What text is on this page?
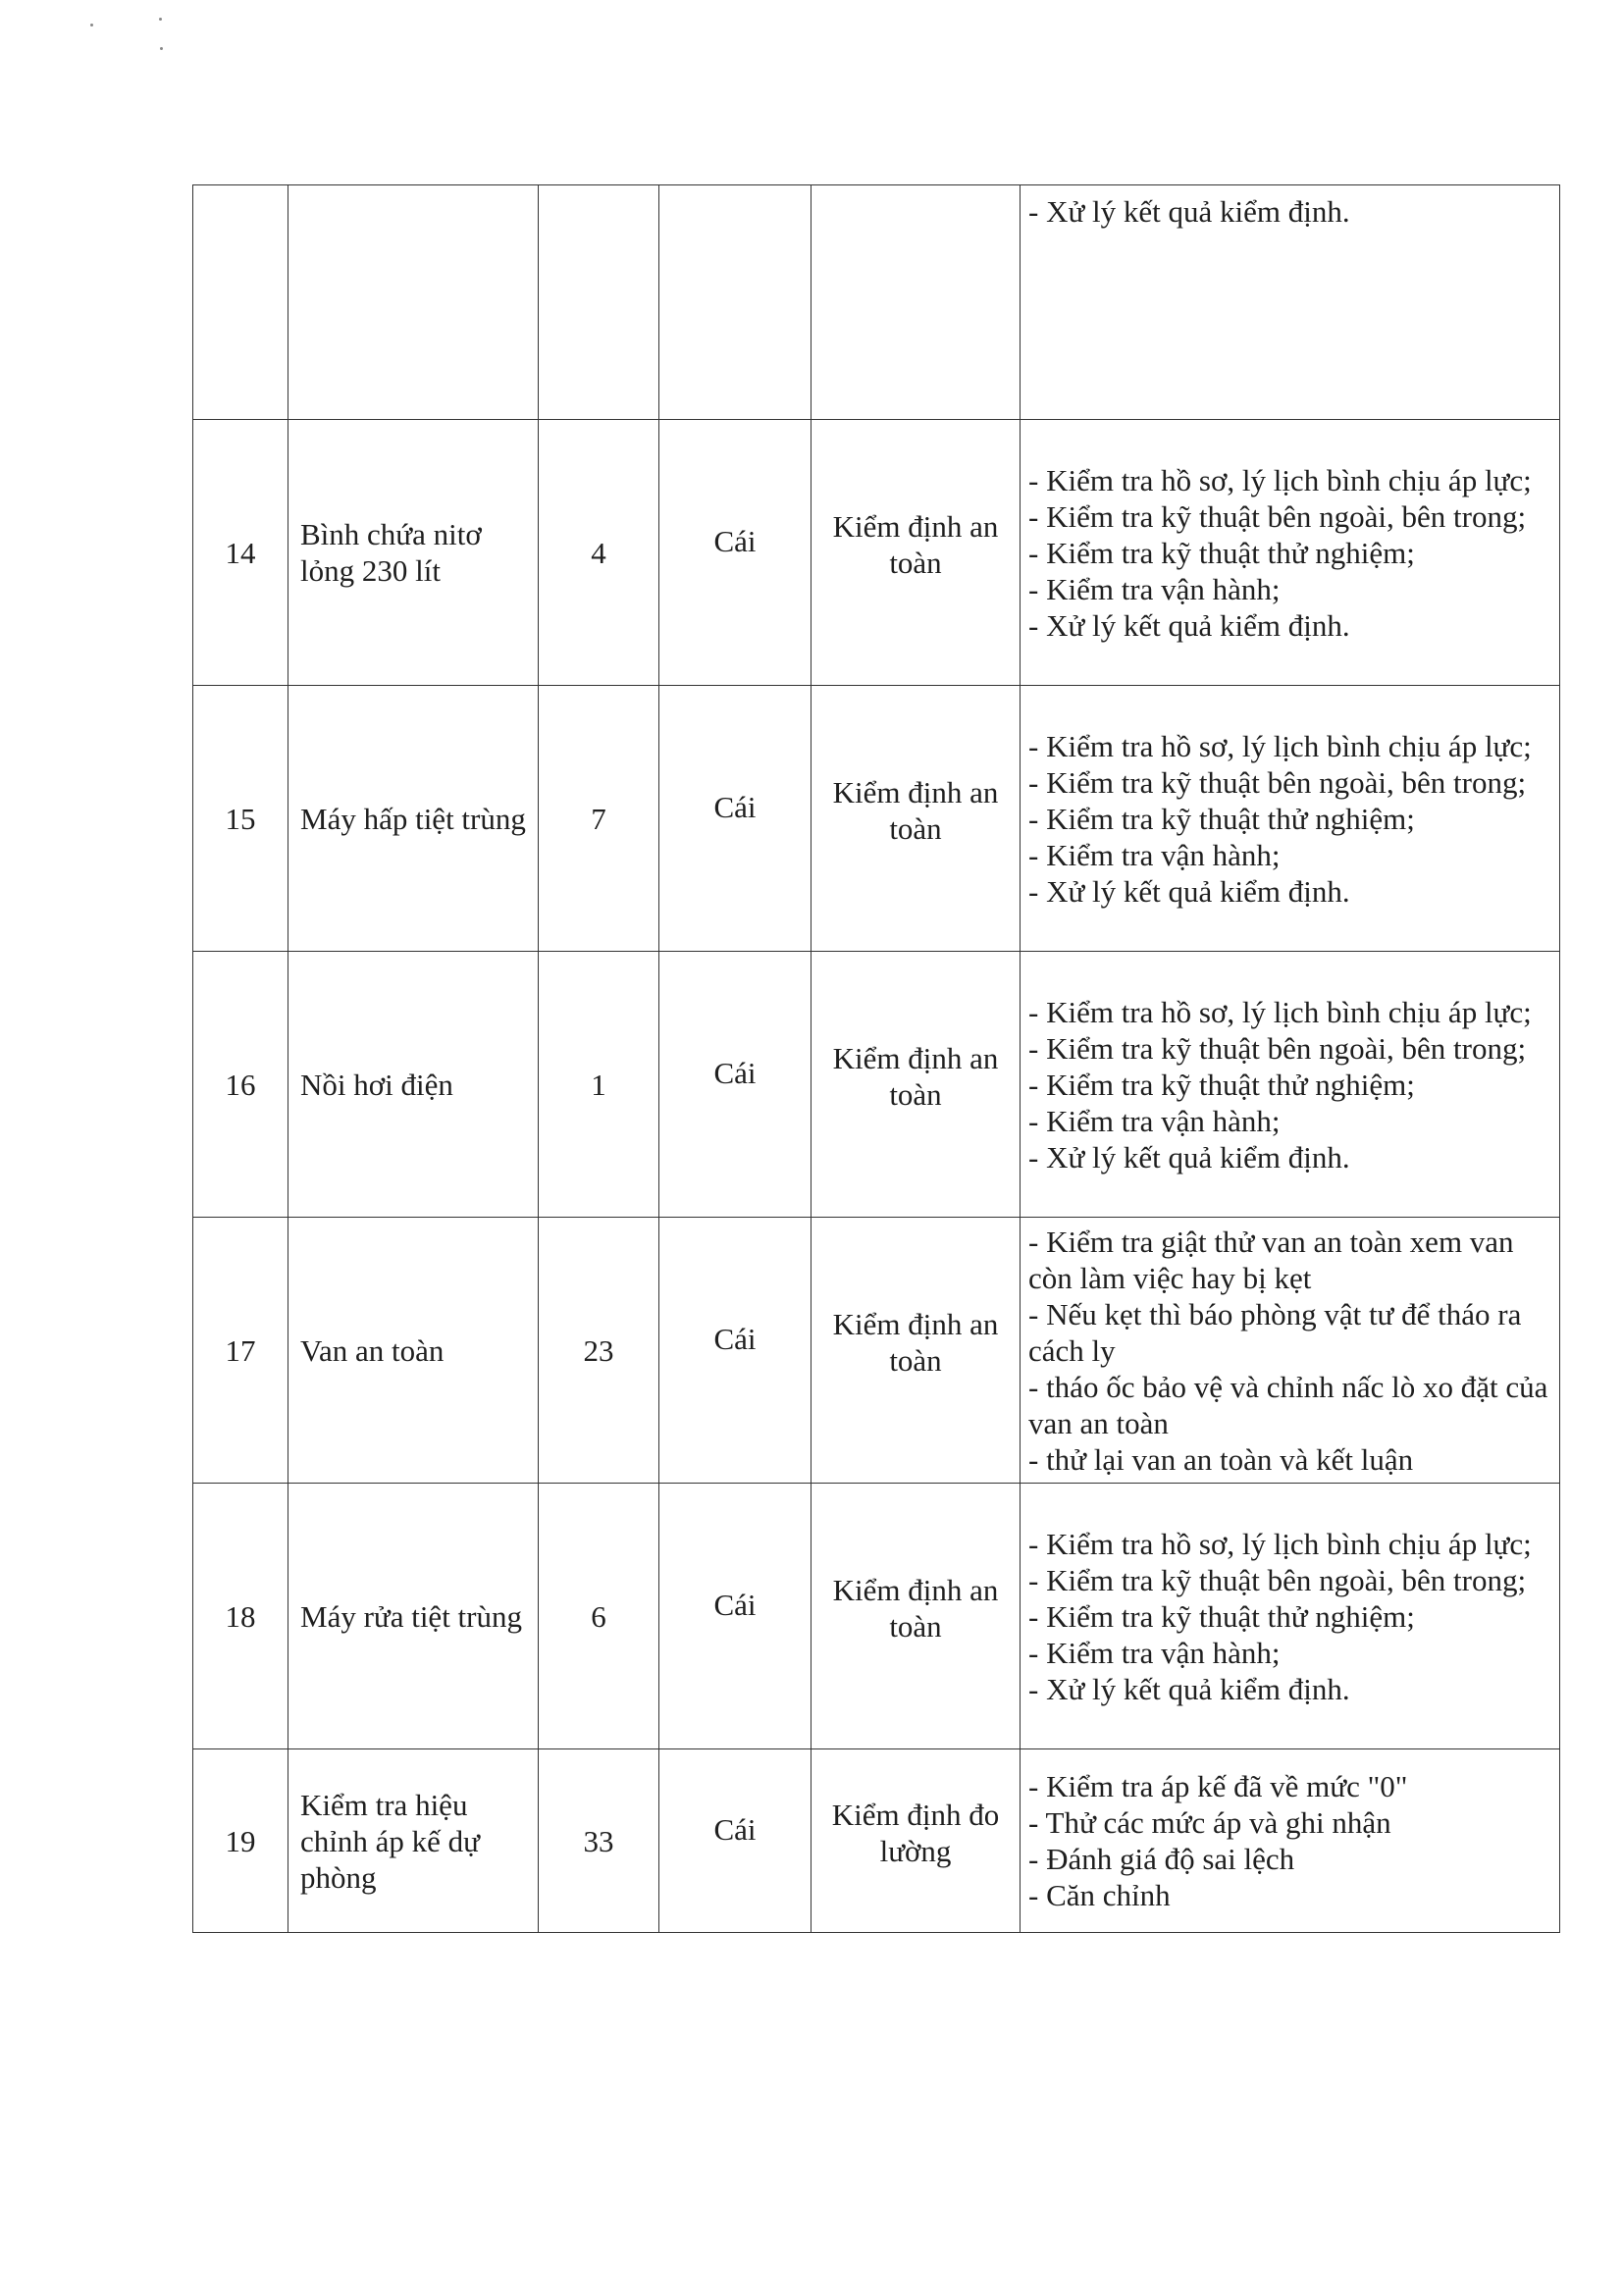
					- Xử lý kết quả kiểm định.

14	Bình chứa nitơ lỏng 230 lít	4	Cái	Kiểm định an toàn	- Kiểm tra hồ sơ, lý lịch bình chịu áp lực;
- Kiểm tra kỹ thuật bên ngoài, bên trong;
- Kiểm tra kỹ thuật thử nghiệm;
- Kiểm tra vận hành;
- Xử lý kết quả kiểm định.

15	Máy hấp tiệt trùng	7	Cái	Kiểm định an toàn	- Kiểm tra hồ sơ, lý lịch bình chịu áp lực;
- Kiểm tra kỹ thuật bên ngoài, bên trong;
- Kiểm tra kỹ thuật thử nghiệm;
- Kiểm tra vận hành;
- Xử lý kết quả kiểm định.

16	Nồi hơi điện	1	Cái	Kiểm định an toàn	- Kiểm tra hồ sơ, lý lịch bình chịu áp lực;
- Kiểm tra kỹ thuật bên ngoài, bên trong;
- Kiểm tra kỹ thuật thử nghiệm;
- Kiểm tra vận hành;
- Xử lý kết quả kiểm định.

17	Van an toàn	23	Cái	Kiểm định an toàn	- Kiểm tra giật thử van an toàn xem van còn làm việc hay bị kẹt
- Nếu kẹt thì báo phòng vật tư để tháo ra cách ly
- tháo ốc bảo vệ và chỉnh nấc lò xo đặt của van an toàn
- thử lại van an toàn và kết luận

18	Máy rửa tiệt trùng	6	Cái	Kiểm định an toàn	- Kiểm tra hồ sơ, lý lịch bình chịu áp lực;
- Kiểm tra kỹ thuật bên ngoài, bên trong;
- Kiểm tra kỹ thuật thử nghiệm;
- Kiểm tra vận hành;
- Xử lý kết quả kiểm định.

19	Kiểm tra hiệu chỉnh áp kế dự phòng	33	Cái	Kiểm định đo lường	- Kiểm tra áp kế đã về mức "0"
- Thử các mức áp và ghi nhận
- Đánh giá độ sai lệch
- Căn chỉnh
